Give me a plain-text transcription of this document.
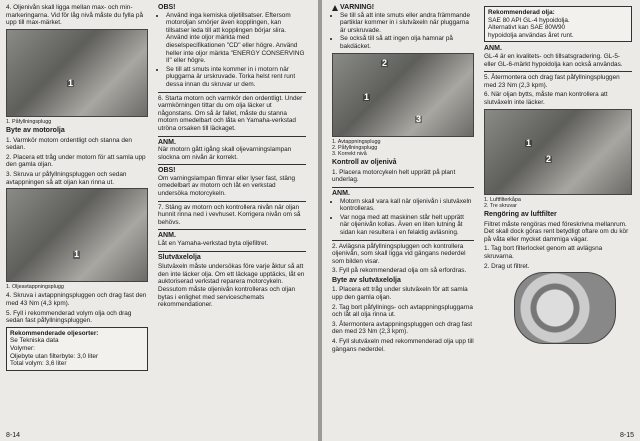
4. Oljenivån skall ligga mellan max- och min-markeringarna. Vid för låg nivå måste du fylla på upp till max-märket.

1

1. Påfyllningsplugg

Byte av motorolja

1. Varmkör motorn ordentligt och stanna den sedan.

2. Placera ett tråg under motorn för att samla upp den gamla oljan.

3. Skruva ur påfyllningspluggen och sedan avtappningen så att oljan kan rinna ut.

1

1. Oljeavtappningsplugg

4. Skruva i avtappningspluggen och drag fast den med 43 Nm (4,3 kpm).

5. Fyll i rekommenderad volym olja och drag sedan fast påfyllningspluggen.

Rekommenderade oljesorter:
Se Tekniska data
Volymer:
Oljebyte utan filterbyte: 3,0 liter
Total volym: 3,6 liter
OBS!
• Använd inga kemiska oljetillsatser. Eftersom motoroljan smörjer även kopplingen, kan tillsatser leda till att kopplingen börjar slira. Använd inte oljor märkta med dieselspecifikationen "CD" eller högre. Använd heller inte oljor märkta "ENERGY CONSERVING II" eller högre.
• Se till att smuts inte kommer in i motorn när pluggarna är urskruvade. Torka helst rent runt dessa innan du skruvar ur dem.

6. Starta motorn och varmkör den ordentligt. Under varmkörningen tittar du om olja läcker ut någonstans. Om så är fallet, måste du stanna motorn omedelbart och låta en Yamaha-verkstad utröna orsaken till läckaget.

ANM.

När motorn gått igång skall oljevarningslampan slockna om nivån är korrekt.

OBS!

Om varningslampan flimrar eller lyser fast, stäng omedelbart av motorn och låt en verkstad undersöka motorcykeln.

7. Stäng av motorn och kontrollera nivån när oljan hunnit rinna ned i vevhuset. Korrigera nivån om så behövs.

ANM.

Låt en Yamaha-verkstad byta oljefiltret.

Slutväxelolja

Slutväxeln måste undersökas före varje åktur så att den inte läcker olja. Om ett läckage upptäcks, låt en auktoriserad verkstad reparera motorcykeln. Dessutom måste oljenivån kontrolleras och oljan bytas i enlighet med serviceschemats rekommendationer.

8-14
VARNING!
• Se till så att inte smuts eller andra främmande partiklar kommer in i slutväxeln när pluggarna är urskruvade.
• Se också till så att ingen olja hamnar på bakdäcket.
2
1
3

1. Avtappningsplugg
2. Påfyllningsplugg
3. Korrekt nivå

Kontroll av oljenivå

1. Placera motorcykeln helt upprätt på plant underlag.

ANM.
• Motorn skall vara kall när oljenivån i slutväxeln kontrolleras.
• Var noga med att maskinen står helt upprätt när oljenivån kollas. Även en liten lutning åt sidan kan resultera i en felaktig avläsning.

2. Avlägsna påfyllningspluggen och kontrollera oljenivån, som skall ligga vid gängans nederdel som bilden visar.

3. Fyll på rekommenderad olja om så erfordras.

Byte av slutväxelolja

1. Placera ett tråg under slutväxeln för att samla upp den gamla oljan.

2. Tag bort påfyllnings- och avtappningspluggarna och låt all olja rinna ut.

3. Återmontera avtappningspluggen och drag fast den med 23 Nm (2,3 kpm).

4. Fyll slutväxeln med rekommenderad olja upp till gängans nederdel.

Rekommenderad olja:
SAE 80 API GL-4 hypoidolja.
Alternativt kan SAE 80W90
hypoidolja användas året runt.
ANM.

GL-4 är en kvalitets- och tillsatsgradering. GL-5- eller GL-6-märkt hypoidolja kan också användas.

5. Återmontera och drag fast påfyllningspluggen med 23 Nm (2,3 kpm).

6. När oljan bytts, måste man kontrollera att slutväxeln inte läcker.

1
2

1. Luftfilterkåpa
2. Tre skruvar

Rengöring av luftfilter

Filtret måste rengöras med föreskrivna mellanrum. Det skall dock göras rent betydligt oftare om du kör på våta eller mycket dammiga vägar.

1. Tag bort filterlocket genom att avlägsna skruvarna.

2. Drag ut filtret.

8-15
